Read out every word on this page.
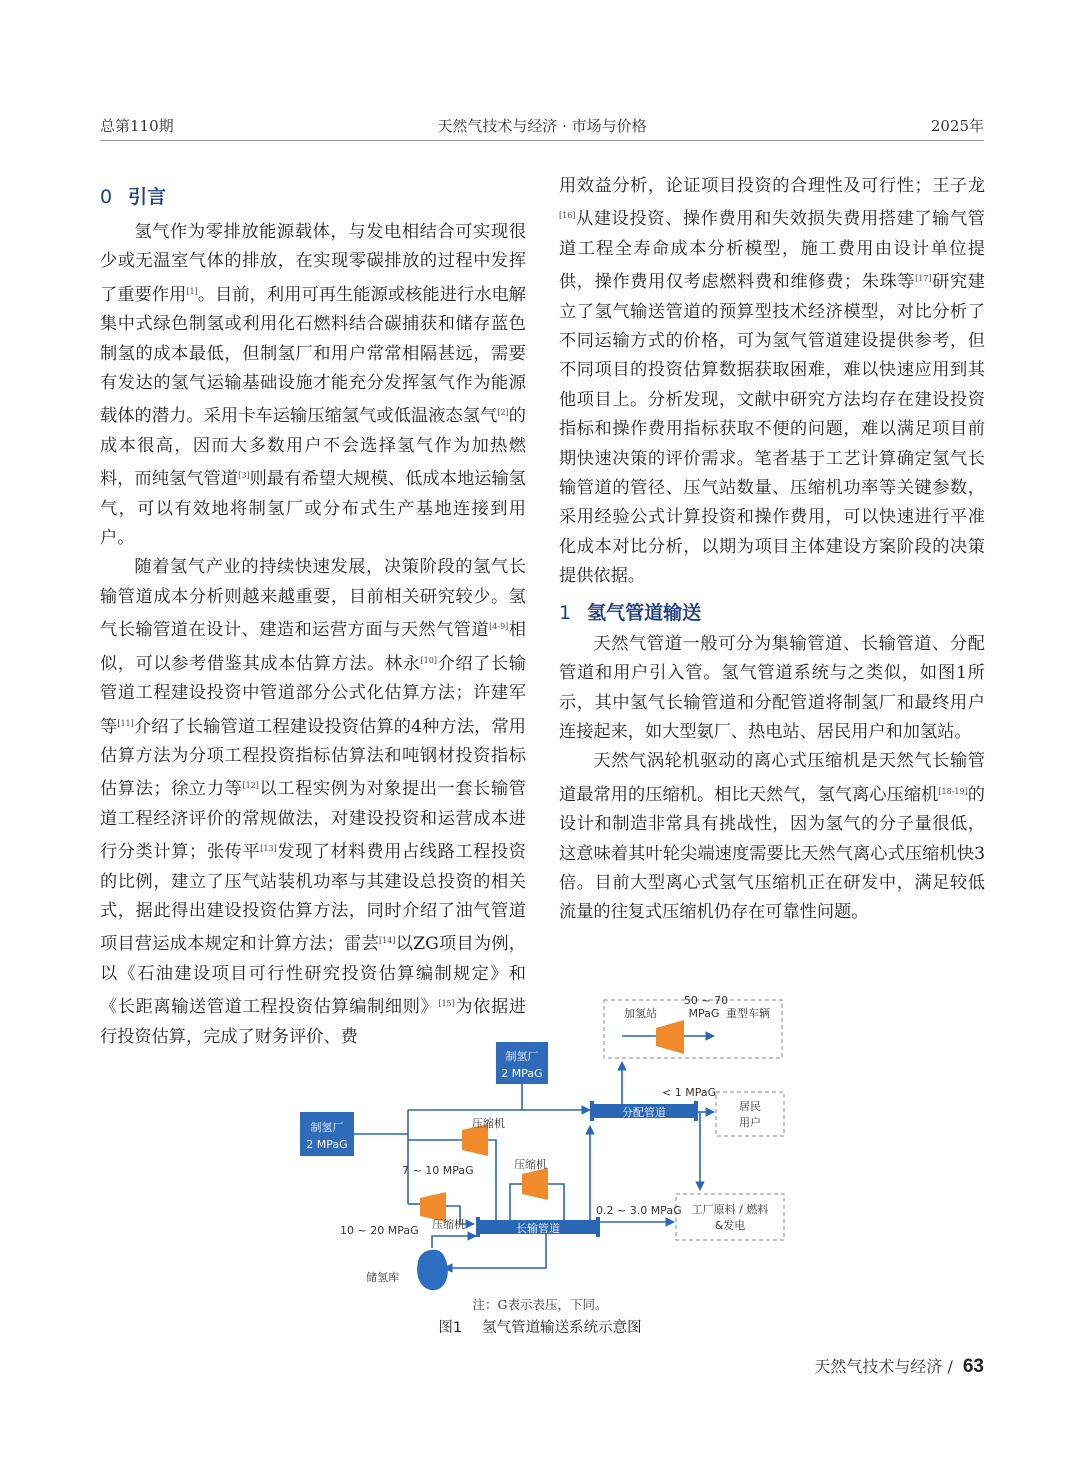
总第110期	天然气技术与经济 · 市场与价格	2025年
0 引言

氢气作为零排放能源载体，与发电相结合可实现很少或无温室气体的排放，在实现零碳排放的过程中发挥了重要作用[1]。目前，利用可再生能源或核能进行水电解集中式绿色制氢或利用化石燃料结合碳捕获和储存蓝色制氢的成本最低，但制氢厂和用户常常相隔甚远，需要有发达的氢气运输基础设施才能充分发挥氢气作为能源载体的潜力。采用卡车运输压缩氢气或低温液态氢气[2]的成本很高，因而大多数用户不会选择氢气作为加热燃料，而纯氢气管道[3]则最有希望大规模、低成本地运输氢气，可以有效地将制氢厂或分布式生产基地连接到用户。

随着氢气产业的持续快速发展，决策阶段的氢气长输管道成本分析则越来越重要，目前相关研究较少。氢气长输管道在设计、建造和运营方面与天然气管道[4-9]相似，可以参考借鉴其成本估算方法。林永[10]介绍了长输管道工程建设投资中管道部分公式化估算方法；许建军等[11]介绍了长输管道工程建设投资估算的4种方法，常用估算方法为分项工程投资指标估算法和吨钢材投资指标估算法；徐立力等[12]以工程实例为对象提出一套长输管道工程经济评价的常规做法，对建设投资和运营成本进行分类计算；张传平[13]发现了材料费用占线路工程投资的比例，建立了压气站装机功率与其建设总投资的相关式，据此得出建设投资估算方法，同时介绍了油气管道项目营运成本规定和计算方法；雷芸[14]以ZG项目为例，以《石油建设项目可行性研究投资估算编制规定》和《长距离输送管道工程投资估算编制细则》[15]为依据进行投资估算，完成了财务评价、费

用效益分析，论证项目投资的合理性及可行性；王子龙[16]从建设投资、操作费用和失效损失费用搭建了输气管道工程全寿命成本分析模型，施工费用由设计单位提供，操作费用仅考虑燃料费和维修费；朱珠等[17]研究建立了氢气输送管道的预算型技术经济模型，对比分析了不同运输方式的价格，可为氢气管道建设提供参考，但不同项目的投资估算数据获取困难，难以快速应用到其他项目上。分析发现，文献中研究方法均存在建设投资指标和操作费用指标获取不便的问题，难以满足项目前期快速决策的评价需求。笔者基于工艺计算确定氢气长输管道的管径、压气站数量、压缩机功率等关键参数，采用经验公式计算投资和操作费用，可以快速进行平准化成本对比分析，以期为项目主体建设方案阶段的决策提供依据。

1 氢气管道输送

天然气管道一般可分为集输管道、长输管道、分配管道和用户引入管。氢气管道系统与之类似，如图1所示，其中氢气长输管道和分配管道将制氢厂和最终用户连接起来，如大型氨厂、热电站、居民用户和加氢站。

天然气涡轮机驱动的离心式压缩机是天然气长输管道最常用的压缩机。相比天然气，氢气离心压缩机[18-19]的设计和制造非常具有挑战性，因为氢气的分子量很低，这意味着其叶轮尖端速度需要比天然气离心式压缩机快3倍。目前大型离心式氢气压缩机正在研发中，满足较低流量的往复式压缩机仍存在可靠性问题。

制氢厂
2 MPaG
制氢厂
2 MPaG
分配管道
长输管道
压缩机
压缩机
压缩机
储氢库
加氢站
50 ~ 70
MPaG 重型车辆
< 1 MPaG
居民
用户
7 ~ 10 MPaG
10 ~ 20 MPaG
0.2 ~ 3.0 MPaG 工厂原料 / 燃料
&发电
注：G表示表压，下同。
图1 氢气管道输送系统示意图
天然气技术与经济 / 63
